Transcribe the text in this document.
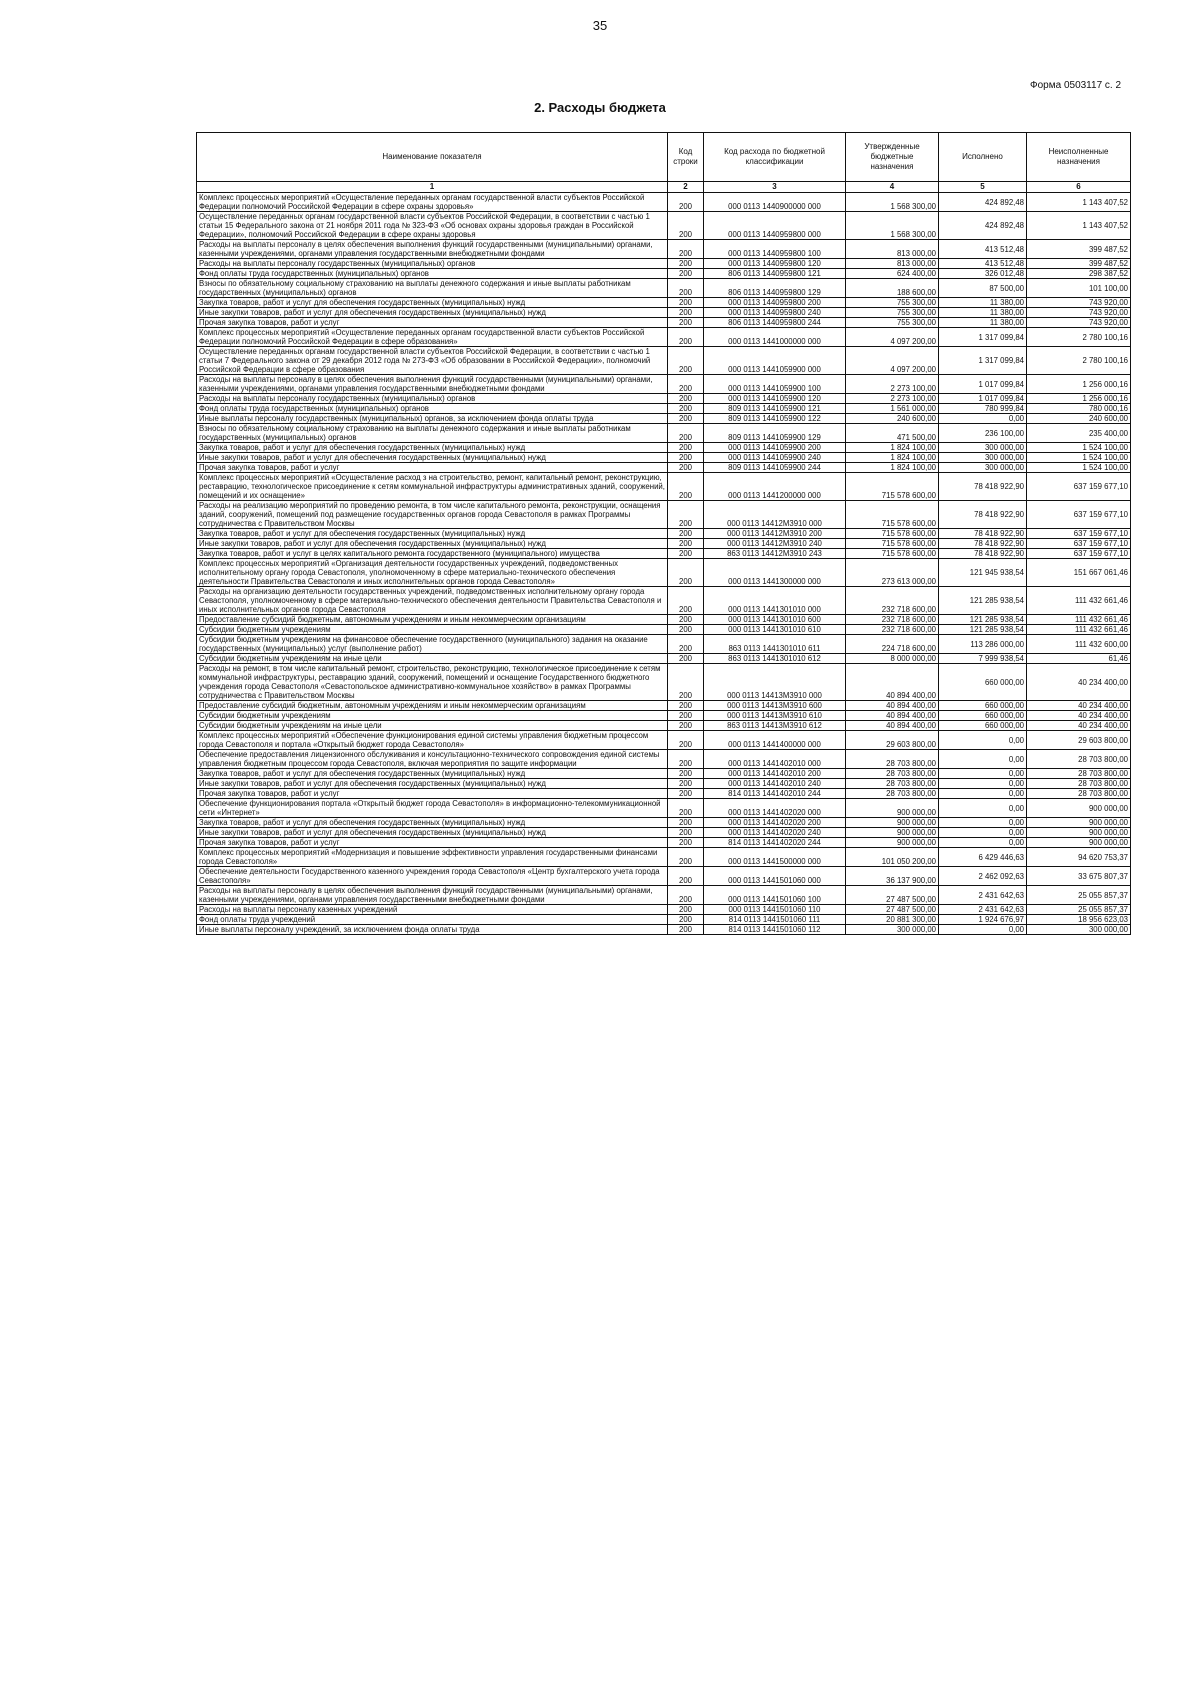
35
Форма 0503117 с. 2
2. Расходы бюджета
Наименование показателя	Код строки	Код расхода по бюджетной классификации	Утвержденные бюджетные назначения	Исполнено	Неисполненные назначения
1	2	3	4	5	6
Комплекс процессных мероприятий «Осуществление переданных органам государственной власти субъектов Российской Федерации полномочий Российской Федерации в сфере охраны здоровья»	200	000 0113 1440900000 000	1 568 300,00	424 892,48	1 143 407,52
Осуществление переданных органам государственной власти субъектов Российской Федерации, в соответствии с частью 1 статьи 15 Федерального закона от 21 ноября 2011 года № 323-ФЗ «Об основах охраны здоровья граждан в Российской Федерации», полномочий Российской Федерации в сфере охраны здоровья	200	000 0113 1440959800 000	1 568 300,00	424 892,48	1 143 407,52
Расходы на выплаты персоналу в целях обеспечения выполнения функций государственными (муниципальными) органами, казенными учреждениями, органами управления государственными внебюджетными фондами	200	000 0113 1440959800 100	813 000,00	413 512,48	399 487,52
Расходы на выплаты персоналу государственных (муниципальных) органов	200	000 0113 1440959800 120	813 000,00	413 512,48	399 487,52
Фонд оплаты труда государственных (муниципальных) органов	200	806 0113 1440959800 121	624 400,00	326 012,48	298 387,52
Взносы по обязательному социальному страхованию на выплаты денежного содержания и иные выплаты работникам государственных (муниципальных) органов	200	806 0113 1440959800 129	188 600,00	87 500,00	101 100,00
Закупка товаров, работ и услуг для обеспечения государственных (муниципальных) нужд	200	000 0113 1440959800 200	755 300,00	11 380,00	743 920,00
Иные закупки товаров, работ и услуг для обеспечения государственных (муниципальных) нужд	200	000 0113 1440959800 240	755 300,00	11 380,00	743 920,00
Прочая закупка товаров, работ и услуг	200	806 0113 1440959800 244	755 300,00	11 380,00	743 920,00
Комплекс процессных мероприятий «Осуществление переданных органам государственной власти субъектов Российской Федерации полномочий Российской Федерации в сфере образования»	200	000 0113 1441000000 000	4 097 200,00	1 317 099,84	2 780 100,16
Осуществление переданных органам государственной власти субъектов Российской Федерации, в соответствии с частью 1 статьи 7 Федерального закона от 29 декабря 2012 года № 273-ФЗ «Об образовании в Российской Федерации», полномочий Российской Федерации в сфере образования	200	000 0113 1441059900 000	4 097 200,00	1 317 099,84	2 780 100,16
Расходы на выплаты персоналу в целях обеспечения выполнения функций государственными (муниципальными) органами, казенными учреждениями, органами управления государственными внебюджетными фондами	200	000 0113 1441059900 100	2 273 100,00	1 017 099,84	1 256 000,16
Расходы на выплаты персоналу государственных (муниципальных) органов	200	000 0113 1441059900 120	2 273 100,00	1 017 099,84	1 256 000,16
Фонд оплаты труда государственных (муниципальных) органов	200	809 0113 1441059900 121	1 561 000,00	780 999,84	780 000,16
Иные выплаты персоналу государственных (муниципальных) органов, за исключением фонда оплаты труда	200	809 0113 1441059900 122	240 600,00	0,00	240 600,00
Взносы по обязательному социальному страхованию на выплаты денежного содержания и иные выплаты работникам государственных (муниципальных) органов	200	809 0113 1441059900 129	471 500,00	236 100,00	235 400,00
Закупка товаров, работ и услуг для обеспечения государственных (муниципальных) нужд	200	000 0113 1441059900 200	1 824 100,00	300 000,00	1 524 100,00
Иные закупки товаров, работ и услуг для обеспечения государственных (муниципальных) нужд	200	000 0113 1441059900 240	1 824 100,00	300 000,00	1 524 100,00
Прочая закупка товаров, работ и услуг	200	809 0113 1441059900 244	1 824 100,00	300 000,00	1 524 100,00
Комплекс процессных мероприятий «Осуществление расход з на строительство, ремонт, капитальный ремонт, реконструкцию, реставрацию, технологическое присоединение к сетям коммунальной инфраструктуры административных зданий, сооружений, помещений и их оснащение»	200	000 0113 1441200000 000	715 578 600,00	78 418 922,90	637 159 677,10
Расходы на реализацию мероприятий по проведению ремонта, в том числе капитального ремонта, реконструкции, оснащения зданий, сооружений, помещений под размещение государственных органов города Севастополя в рамках Программы сотрудничества с Правительством Москвы	200	000 0113 14412М3910 000	715 578 600,00	78 418 922,90	637 159 677,10
Закупка товаров, работ и услуг для обеспечения государственных (муниципальных) нужд	200	000 0113 14412М3910 200	715 578 600,00	78 418 922,90	637 159 677,10
Иные закупки товаров, работ и услуг для обеспечения государственных (муниципальных) нужд	200	000 0113 14412М3910 240	715 578 600,00	78 418 922,90	637 159 677,10
Закупка товаров, работ и услуг в целях капитального ремонта государственного (муниципального) имущества	200	863 0113 14412М3910 243	715 578 600,00	78 418 922,90	637 159 677,10
Комплекс процессных мероприятий «Организация деятельности государственных учреждений, подведомственных исполнительному органу города Севастополя, уполномоченному в сфере материально-технического обеспечения деятельности Правительства Севастополя и иных исполнительных органов города Севастополя»	200	000 0113 1441300000 000	273 613 000,00	121 945 938,54	151 667 061,46
Расходы на организацию деятельности государственных учреждений, подведомственных исполнительному органу города Севастополя, уполномоченному в сфере материально-технического обеспечения деятельности Правительства Севастополя и иных исполнительных органов города Севастополя	200	000 0113 1441301010 000	232 718 600,00	121 285 938,54	111 432 661,46
Предоставление субсидий бюджетным, автономным учреждениям и иным некоммерческим организациям	200	000 0113 1441301010 600	232 718 600,00	121 285 938,54	111 432 661,46
Субсидии бюджетным учреждениям	200	000 0113 1441301010 610	232 718 600,00	121 285 938,54	111 432 661,46
Субсидии бюджетным учреждениям на финансовое обеспечение государственного (муниципального) задания на оказание государственных (муниципальных) услуг (выполнение работ)	200	863 0113 1441301010 611	224 718 600,00	113 286 000,00	111 432 600,00
Субсидии бюджетным учреждениям на иные цели	200	863 0113 1441301010 612	8 000 000,00	7 999 938,54	61,46
Расходы на ремонт, в том числе капитальный ремонт, строительство, реконструкцию, технологическое присоединение к сетям коммунальной инфраструктуры, реставрацию зданий, сооружений, помещений и оснащение Государственного бюджетного учреждения города Севастополя «Севастопольское административно-коммунальное хозяйство» в рамках Программы сотрудничества с Правительством Москвы	200	000 0113 14413М3910 000	40 894 400,00	660 000,00	40 234 400,00
Предоставление субсидий бюджетным, автономным учреждениям и иным некоммерческим организациям	200	000 0113 14413М3910 600	40 894 400,00	660 000,00	40 234 400,00
Субсидии бюджетным учреждениям	200	000 0113 14413М3910 610	40 894 400,00	660 000,00	40 234 400,00
Субсидии бюджетным учреждениям на иные цели	200	863 0113 14413М3910 612	40 894 400,00	660 000,00	40 234 400,00
Комплекс процессных мероприятий «Обеспечение функционирования единой системы управления бюджетным процессом города Севастополя и портала «Открытый бюджет города Севастополя»	200	000 0113 1441400000 000	29 603 800,00	0,00	29 603 800,00
Обеспечение предоставления лицензионного обслуживания и консультационно-технического сопровождения единой системы управления бюджетным процессом города Севастополя, включая мероприятия по защите информации	200	000 0113 1441402010 000	28 703 800,00	0,00	28 703 800,00
Закупка товаров, работ и услуг для обеспечения государственных (муниципальных) нужд	200	000 0113 1441402010 200	28 703 800,00	0,00	28 703 800,00
Иные закупки товаров, работ и услуг для обеспечения государственных (муниципальных) нужд	200	000 0113 1441402010 240	28 703 800,00	0,00	28 703 800,00
Прочая закупка товаров, работ и услуг	200	814 0113 1441402010 244	28 703 800,00	0,00	28 703 800,00
Обеспечение функционирования портала «Открытый бюджет города Севастополя» в информационно-телекоммуникационной сети «Интернет»	200	000 0113 1441402020 000	900 000,00	0,00	900 000,00
Закупка товаров, работ и услуг для обеспечения государственных (муниципальных) нужд	200	000 0113 1441402020 200	900 000,00	0,00	900 000,00
Иные закупки товаров, работ и услуг для обеспечения государственных (муниципальных) нужд	200	000 0113 1441402020 240	900 000,00	0,00	900 000,00
Прочая закупка товаров, работ и услуг	200	814 0113 1441402020 244	900 000,00	0,00	900 000,00
Комплекс процессных мероприятий «Модернизация и повышение эффективности управления государственными финансами города Севастополя»	200	000 0113 1441500000 000	101 050 200,00	6 429 446,63	94 620 753,37
Обеспечение деятельности Государственного казенного учреждения города Севастополя «Центр бухгалтерского учета города Севастополя»	200	000 0113 1441501060 000	36 137 900,00	2 462 092,63	33 675 807,37
Расходы на выплаты персоналу в целях обеспечения выполнения функций государственными (муниципальными) органами, казенными учреждениями, органами управления государственными внебюджетными фондами	200	000 0113 1441501060 100	27 487 500,00	2 431 642,63	25 055 857,37
Расходы на выплаты персоналу казенных учреждений	200	000 0113 1441501060 110	27 487 500,00	2 431 642,63	25 055 857,37
Фонд оплаты труда учреждений	200	814 0113 1441501060 111	20 881 300,00	1 924 676,97	18 956 623,03
Иные выплаты персоналу учреждений, за исключением фонда оплаты труда	200	814 0113 1441501060 112	300 000,00	0,00	300 000,00
